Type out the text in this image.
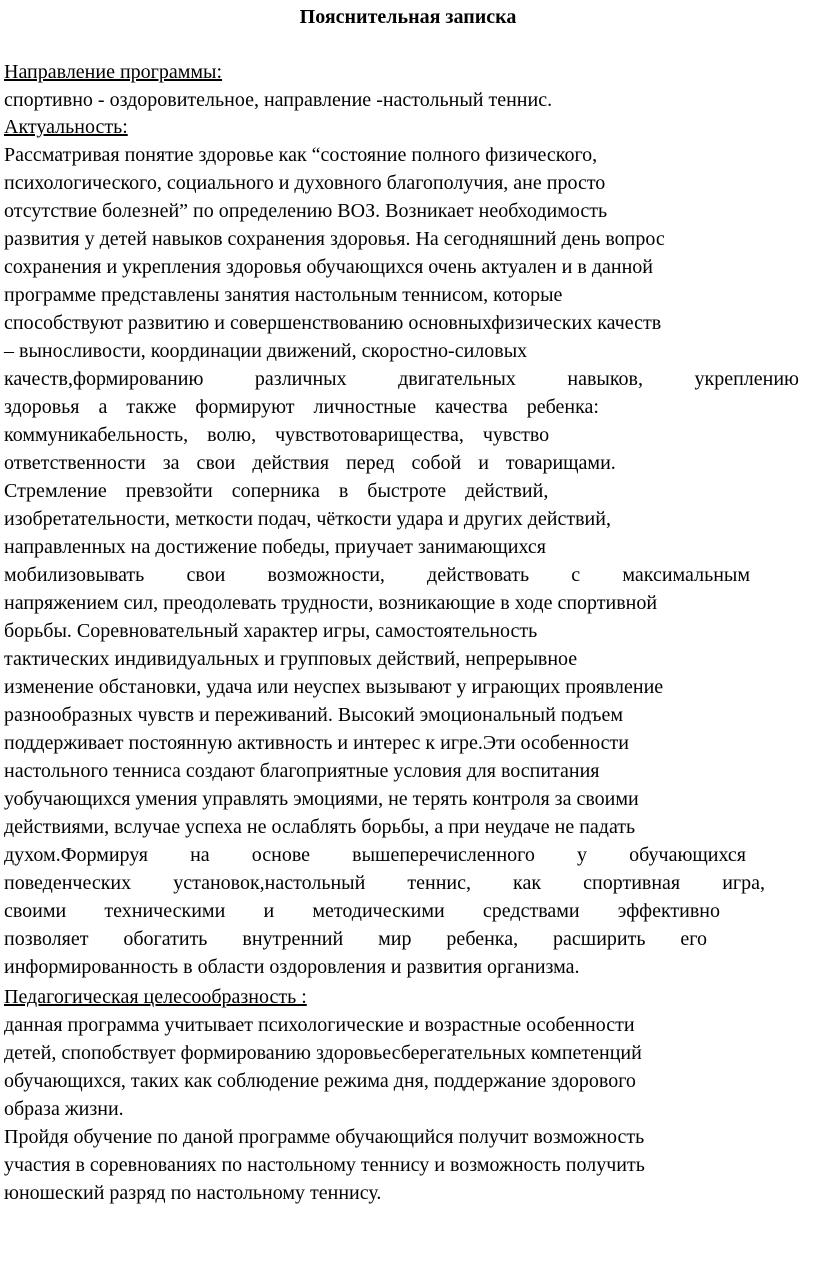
Пояснительная записка
Направление программы:
спортивно - оздоровительное, направление -настольный теннис.
Актуальность:
Рассматривая понятие здоровье как “состояние полного физического,
психологического, социального и духовного благополучия, ане просто
отсутствие болезней” по определению ВОЗ. Возникает необходимость
развития у детей навыков сохранения здоровья. На сегодняшний день вопрос
сохранения и укрепления здоровья обучающихся очень актуален и в данной
программе представлены занятия настольным теннисом, которые
способствуют развитию и совершенствованию основныхфизических качеств
– выносливости, координации движений, скоростно-силовых
качеств,формированию различных двигательных навыков, укреплению
здоровья а также формируют личностные качества ребенка:
коммуникабельность, волю, чувствотоварищества, чувство
ответственности за свои действия перед собой и товарищами.
Стремление превзойти соперника в быстроте действий,
изобретательности, меткости подач, чёткости удара и других действий,
направленных на достижение победы, приучает занимающихся
мобилизовывать свои возможности, действовать с максимальным
напряжением сил, преодолевать трудности, возникающие в ходе спортивной
борьбы. Соревновательный характер игры, самостоятельность
тактических индивидуальных и групповых действий, непрерывное
изменение обстановки, удача или неуспех вызывают у играющих проявление
разнообразных чувств и переживаний. Высокий эмоциональный подъем
поддерживает постоянную активность и интерес к игре.Эти особенности
настольного тенниса создают благоприятные условия для воспитания
уобучающихся умения управлять эмоциями, не терять контроля за своими
действиями, вслучае успеха не ослаблять борьбы, а при неудаче не падать
духом.Формируя на основе вышеперечисленного у обучающихся
поведенческих установок,настольный теннис, как спортивная игра,
своими техническими и методическими средствами эффективно
позволяет обогатить внутренний мир ребенка, расширить его
информированность в области оздоровления и развития организма.
Педагогическая целесообразность :
данная программа учитывает психологические и возрастные особенности
детей, спопобствует формированию здоровьесберегательных компетенций
обучающихся, таких как соблюдение режима дня, поддержание здорового
образа жизни.
Пройдя обучение по даной программе обучающийся получит возможность
участия в соревнованиях по настольному теннису и возможность получить
юношеский разряд по настольному теннису.
